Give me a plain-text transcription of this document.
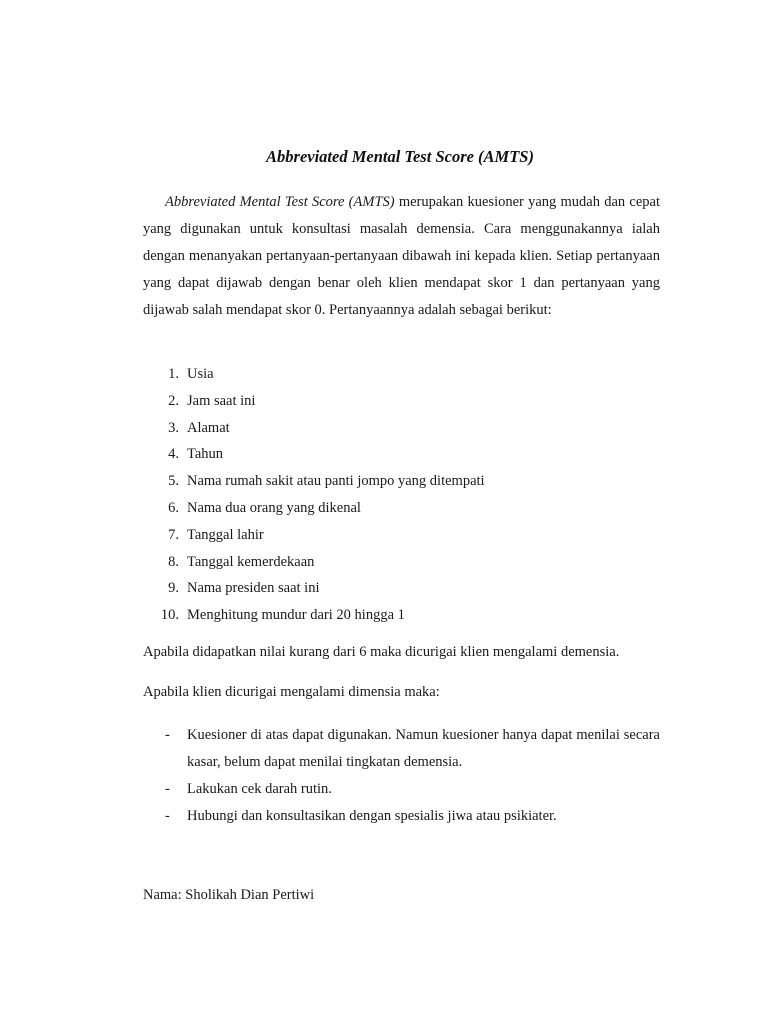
Abbreviated Mental Test Score (AMTS)

Abbreviated Mental Test Score (AMTS) merupakan kuesioner yang mudah dan cepat yang digunakan untuk konsultasi masalah demensia. Cara menggunakannya ialah dengan menanyakan pertanyaan-pertanyaan dibawah ini kepada klien. Setiap pertanyaan yang dapat dijawab dengan benar oleh klien mendapat skor 1 dan pertanyaan yang dijawab salah mendapat skor 0. Pertanyaannya adalah sebagai berikut:

1. Usia
2. Jam saat ini
3. Alamat
4. Tahun
5. Nama rumah sakit atau panti jompo yang ditempati
6. Nama dua orang yang dikenal
7. Tanggal lahir
8. Tanggal kemerdekaan
9. Nama presiden saat ini
10. Menghitung mundur dari 20 hingga 1

Apabila didapatkan nilai kurang dari 6 maka dicurigai klien mengalami demensia.

Apabila klien dicurigai mengalami dimensia maka:

- Kuesioner di atas dapat digunakan. Namun kuesioner hanya dapat menilai secara kasar, belum dapat menilai tingkatan demensia.
- Lakukan cek darah rutin.
- Hubungi dan konsultasikan dengan spesialis jiwa atau psikiater.
Nama: Sholikah Dian Pertiwi
